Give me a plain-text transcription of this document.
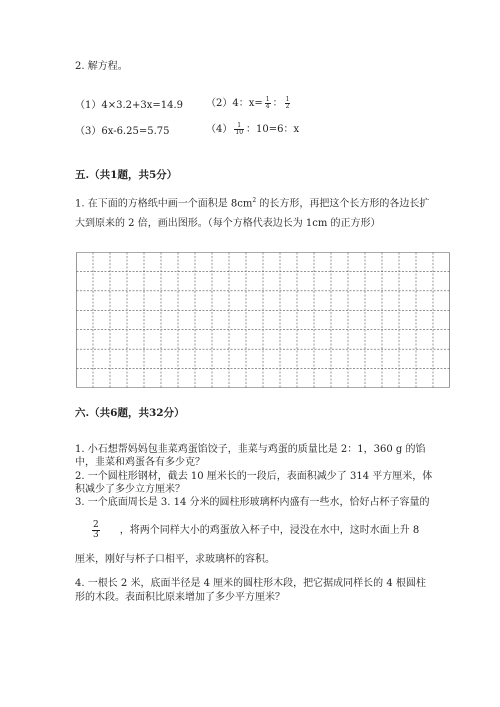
2. 解方程。
（1）4×3.2+3x=14.9 （2）4：$x= \frac{1}{4}$ ： $\frac{1}{2}$
（3）6x-6.25=5.75	$(4) \frac{1}{10}$ ：10=6：x
五.（共1题，共5分）
1. 在下面的方格纸中画一个面积是 $8cm^2$ 的长方形，再把这个长方形的各边长扩
大到原来的 2 倍，画出图形。（每个方格代表边长为 1cm 的正方形）
六.（共6题，共32分）
1. 小石想帮妈妈包韭菜鸡蛋馅饺子，韭菜与鸡蛋的质量比是 2：1，360 g 的馅
中，韭菜和鸡蛋各有多少克？
2. 一个圆柱形钢材，截去 10 厘米长的一段后，表面积减少了 314 平方厘米，体
积减少了多少立方厘米？
3. 一个底面周长是 3. 14 分米的圆柱形玻璃杯内盛有一些水，恰好占杯子容量的
$\frac{2}{3}$ ，将两个同样大小的鸡蛋放入杯子中，浸没在水中，这时水面上升 8
厘米，刚好与杯子口相平，求玻璃杯的容积。
4. 一根长 2 米，底面半径是 4 厘米的圆柱形木段，把它据成同样长的 4 根圆柱
形的木段。表面积比原来增加了多少平方厘米？
